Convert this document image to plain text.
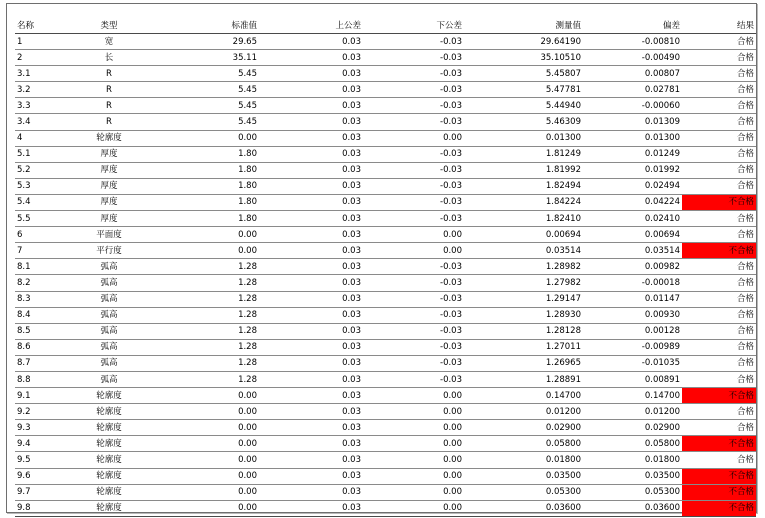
名称	类型	标准值	上公差	下公差	测量值	偏差	结果
1	宽	29.65	0.03	-0.03	29.64190	-0.00810	合格
2	长	35.11	0.03	-0.03	35.10510	-0.00490	合格
3.1	R	5.45	0.03	-0.03	5.45807	0.00807	合格
3.2	R	5.45	0.03	-0.03	5.47781	0.02781	合格
3.3	R	5.45	0.03	-0.03	5.44940	-0.00060	合格
3.4	R	5.45	0.03	-0.03	5.46309	0.01309	合格
4	轮廓度	0.00	0.03	0.00	0.01300	0.01300	合格
5.1	厚度	1.80	0.03	-0.03	1.81249	0.01249	合格
5.2	厚度	1.80	0.03	-0.03	1.81992	0.01992	合格
5.3	厚度	1.80	0.03	-0.03	1.82494	0.02494	合格
5.4	厚度	1.80	0.03	-0.03	1.84224	0.04224	不合格
5.5	厚度	1.80	0.03	-0.03	1.82410	0.02410	合格
6	平面度	0.00	0.03	0.00	0.00694	0.00694	合格
7	平行度	0.00	0.03	0.00	0.03514	0.03514	不合格
8.1	弧高	1.28	0.03	-0.03	1.28982	0.00982	合格
8.2	弧高	1.28	0.03	-0.03	1.27982	-0.00018	合格
8.3	弧高	1.28	0.03	-0.03	1.29147	0.01147	合格
8.4	弧高	1.28	0.03	-0.03	1.28930	0.00930	合格
8.5	弧高	1.28	0.03	-0.03	1.28128	0.00128	合格
8.6	弧高	1.28	0.03	-0.03	1.27011	-0.00989	合格
8.7	弧高	1.28	0.03	-0.03	1.26965	-0.01035	合格
8.8	弧高	1.28	0.03	-0.03	1.28891	0.00891	合格
9.1	轮廓度	0.00	0.03	0.00	0.14700	0.14700	不合格
9.2	轮廓度	0.00	0.03	0.00	0.01200	0.01200	合格
9.3	轮廓度	0.00	0.03	0.00	0.02900	0.02900	合格
9.4	轮廓度	0.00	0.03	0.00	0.05800	0.05800	不合格
9.5	轮廓度	0.00	0.03	0.00	0.01800	0.01800	合格
9.6	轮廓度	0.00	0.03	0.00	0.03500	0.03500	不合格
9.7	轮廓度	0.00	0.03	0.00	0.05300	0.05300	不合格
9.8	轮廓度	0.00	0.03	0.00	0.03600	0.03600	不合格
